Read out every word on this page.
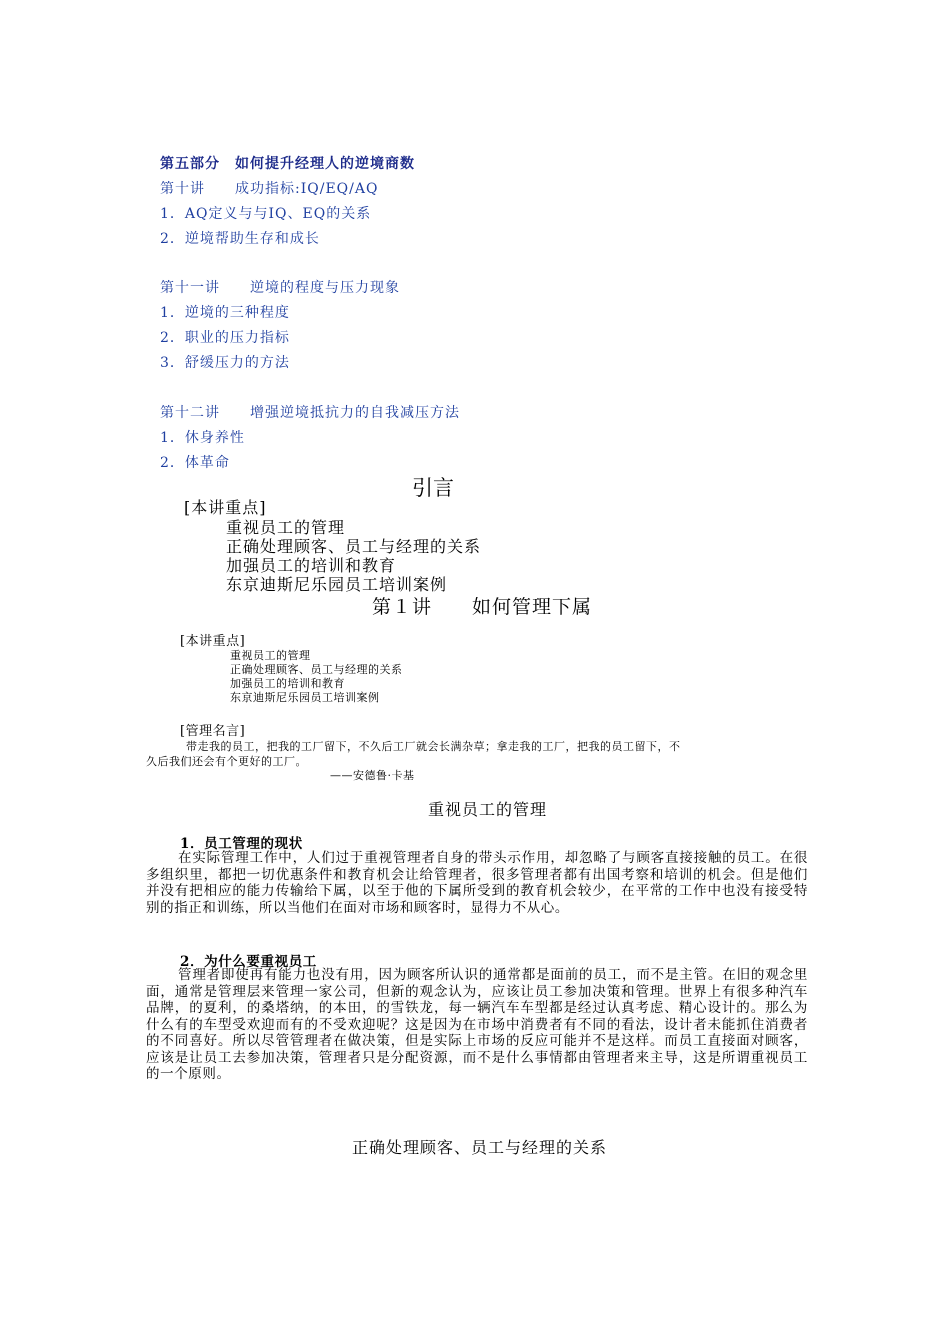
第五部分　如何提升经理人的逆境商数
第十讲　　成功指标:IQ/EQ/AQ
1．AQ定义与与IQ、EQ的关系
2．逆境帮助生存和成长
第十一讲　　逆境的程度与压力现象
1．逆境的三种程度
2．职业的压力指标
3．舒缓压力的方法
第十二讲　　增强逆境抵抗力的自我减压方法
1．休身养性
2．体革命
引言
[本讲重点]
重视员工的管理
正确处理顾客、员工与经理的关系
加强员工的培训和教育
东京迪斯尼乐园员工培训案例
第１讲　　如何管理下属
[本讲重点]
重视员工的管理
正确处理顾客、员工与经理的关系
加强员工的培训和教育
东京迪斯尼乐园员工培训案例
[管理名言]
带走我的员工，把我的工厂留下，不久后工厂就会长满杂草；拿走我的工厂，把我的员工留下，不
久后我们还会有个更好的工厂。
——安德鲁·卡基
重视员工的管理
1．员工管理的现状
在实际管理工作中，人们过于重视管理者自身的带头示作用，却忽略了与顾客直接接触的员工。在很多组织里，都把一切优惠条件和教育机会让给管理者，很多管理者都有出国考察和培训的机会。但是他们并没有把相应的能力传输给下属，以至于他的下属所受到的教育机会较少，在平常的工作中也没有接受特别的指正和训练，所以当他们在面对市场和顾客时，显得力不从心。
2．为什么要重视员工
管理者即使再有能力也没有用，因为顾客所认识的通常都是面前的员工，而不是主管。在旧的观念里面，通常是管理层来管理一家公司，但新的观念认为，应该让员工参加决策和管理。世界上有很多种汽车品牌，的夏利，的桑塔纳，的本田，的雪铁龙，每一辆汽车车型都是经过认真考虑、精心设计的。那么为什么有的车型受欢迎而有的不受欢迎呢？这是因为在市场中消费者有不同的看法，设计者未能抓住消费者的不同喜好。所以尽管管理者在做决策，但是实际上市场的反应可能并不是这样。而员工直接面对顾客，应该是让员工去参加决策，管理者只是分配资源，而不是什么事情都由管理者来主导，这是所谓重视员工的一个原则。
正确处理顾客、员工与经理的关系
